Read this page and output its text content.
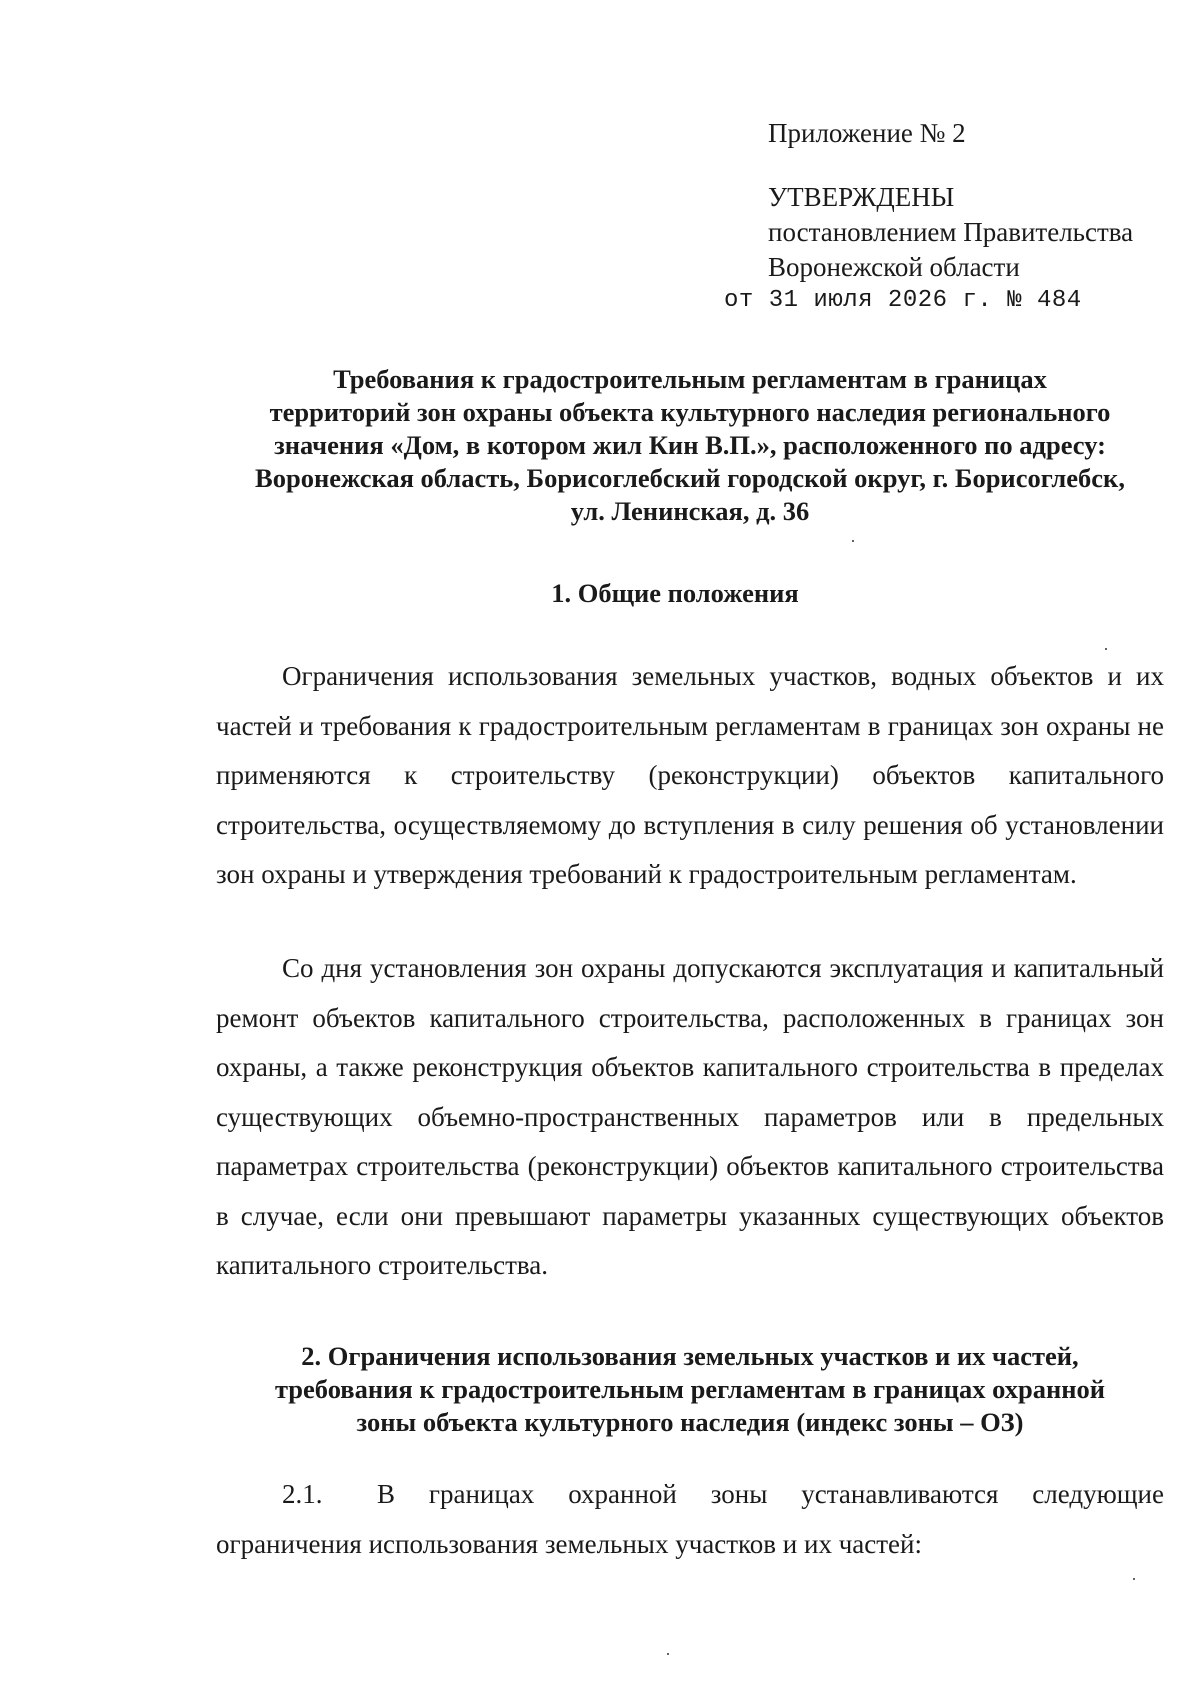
Приложение № 2
УТВЕРЖДЕНЫ
постановлением Правительства
Воронежской области
от 31 июля 2026 г. № 484
Требования к градостроительным регламентам в границах
территорий зон охраны объекта культурного наследия регионального
значения «Дом, в котором жил Кин В.П.», расположенного по адресу:
Воронежская область, Борисоглебский городской округ, г. Борисоглебск,
ул. Ленинская, д. 36
1. Общие положения

Ограничения использования земельных участков, водных объектов и их частей и требования к градостроительным регламентам в границах зон охраны не применяются к строительству (реконструкции) объектов капитального строительства, осуществляемому до вступления в силу решения об установлении зон охраны и утверждения требований к градостроительным регламентам.

Со дня установления зон охраны допускаются эксплуатация и капитальный ремонт объектов капитального строительства, расположенных в границах зон охраны, а также реконструкция объектов капитального строительства в пределах существующих объемно-пространственных параметров или в предельных параметрах строительства (реконструкции) объектов капитального строительства в случае, если они превышают параметры указанных существующих объектов капитального строительства.

2. Ограничения использования земельных участков и их частей,
требования к градостроительным регламентам в границах охранной
зоны объекта культурного наследия (индекс зоны – ОЗ)

2.1. В границах охранной зоны устанавливаются следующие ограничения использования земельных участков и их частей:
